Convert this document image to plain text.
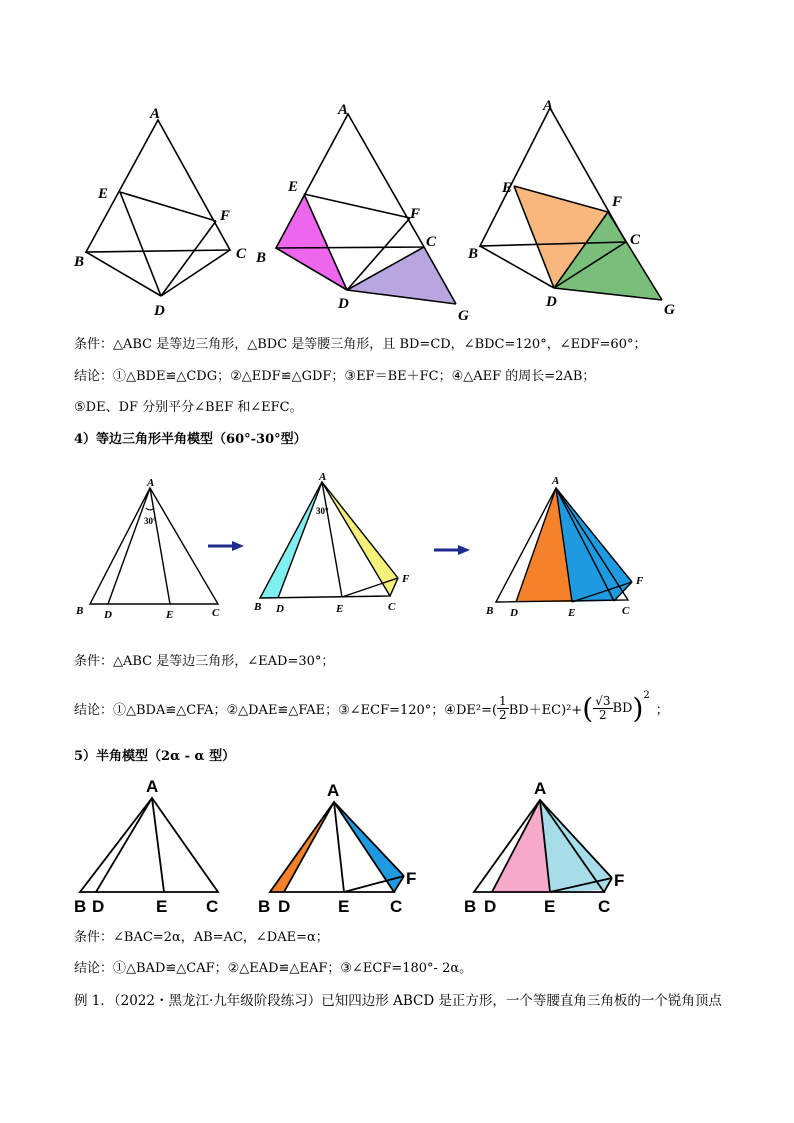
A
E
F
B	C
D
A
E
F
B
C
D
G
A
E
F
B
C
D	G
条件：△ABC 是等边三角形，△BDC 是等腰三角形，且 BD=CD，∠BDC=120°，∠EDF=60°；
结论：①△BDE≌△CDG；②△EDF≌△GDF；③EF＝BE＋FC；④△AEF 的周长=2AB；
⑤DE、DF 分别平分∠BEF 和∠EFC。
4）等边三角形半角模型（60°-30°型）
A
30°
B D	E	C
A
30°
B D	E	C
F
A
B D	E	C
F
条件：△ABC 是等边三角形，∠EAD=30°；
结论：①△BDA≌△CFA；②△DAE≌△FAE；③∠ECF=120°；④DE²=( $\frac{1}{2} BD+EC)^2+$ ( $\frac{√3}{2}$ BD )$^2$
；
5）半角模型（2α - α 型）
A
B D	E C
A
B D	E C
F
A
B D	E	C
F
条件：∠BAC=2α，AB=AC，∠DAE=α；
结论：①△BAD≌△CAF；②△EAD≌△EAF；③∠ECF=180°- 2α。
例 1．（2022・黑龙江·九年级阶段练习）已知四边形 ABCD 是正方形，一个等腰直角三角板的一个锐角顶点
